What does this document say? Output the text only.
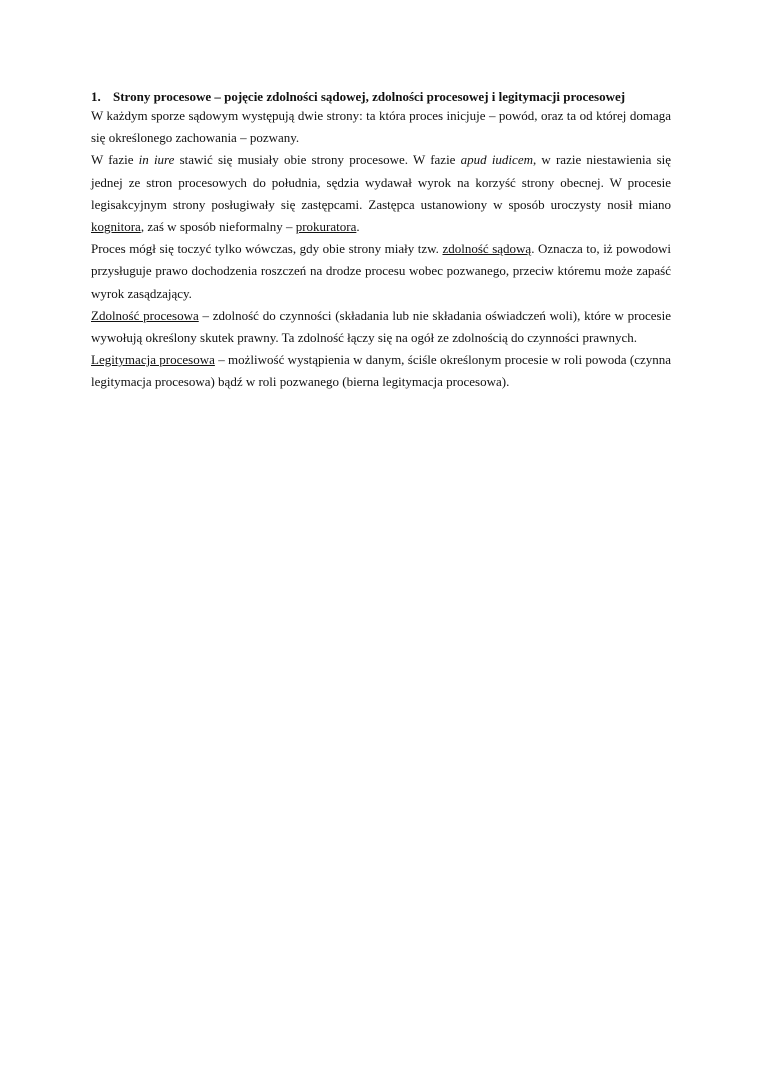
1. Strony procesowe – pojęcie zdolności sądowej, zdolności procesowej i legitymacji procesowej

W każdym sporze sądowym występują dwie strony: ta która proces inicjuje – powód, oraz ta od której domaga się określonego zachowania – pozwany.

W fazie in iure stawić się musiały obie strony procesowe. W fazie apud iudicem, w razie niestawienia się jednej ze stron procesowych do południa, sędzia wydawał wyrok na korzyść strony obecnej. W procesie legisakcyjnym strony posługiwały się zastępcami. Zastępca ustanowiony w sposób uroczysty nosił miano kognitora, zaś w sposób nieformalny – prokuratora.

Proces mógł się toczyć tylko wówczas, gdy obie strony miały tzw. zdolność sądową. Oznacza to, iż powodowi przysługuje prawo dochodzenia roszczeń na drodze procesu wobec pozwanego, przeciw któremu może zapaść wyrok zasądzający.

Zdolność procesowa – zdolność do czynności (składania lub nie składania oświadczeń woli), które w procesie wywołują określony skutek prawny. Ta zdolność łączy się na ogół ze zdolnością do czynności prawnych.

Legitymacja procesowa – możliwość wystąpienia w danym, ściśle określonym procesie w roli powoda (czynna legitymacja procesowa) bądź w roli pozwanego (bierna legitymacja procesowa).
